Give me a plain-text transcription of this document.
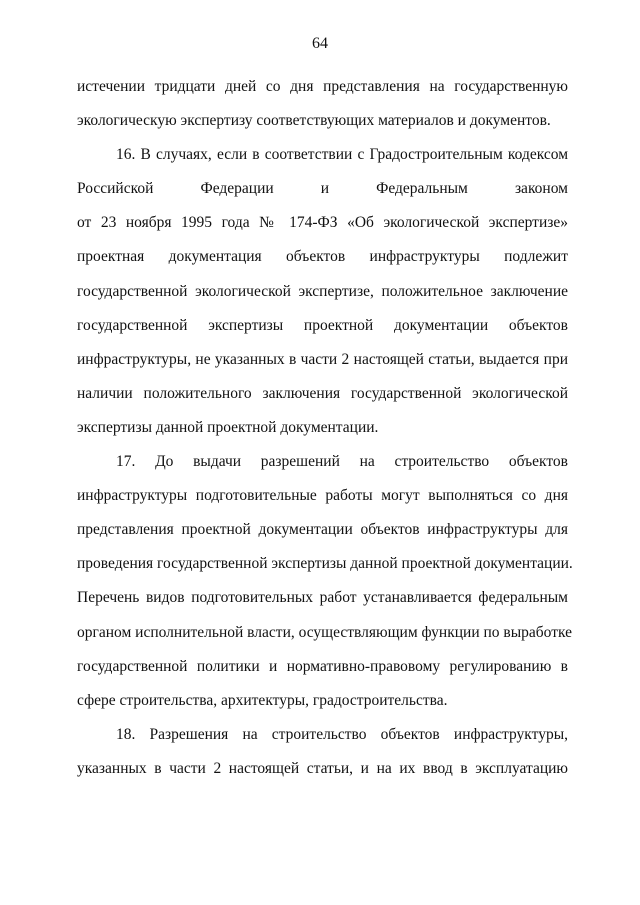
64
истечении тридцати дней со дня представления на государственную
экологическую экспертизу соответствующих материалов и документов.
16. В случаях, если в соответствии с Градостроительным кодексом
Российской Федерации и Федеральным законом
от 23 ноября 1995 года № 174-ФЗ «Об экологической экспертизе»
проектная документация объектов инфраструктуры подлежит
государственной экологической экспертизе, положительное заключение
государственной экспертизы проектной документации объектов
инфраструктуры, не указанных в части 2 настоящей статьи, выдается при
наличии положительного заключения государственной экологической
экспертизы данной проектной документации.
17. До выдачи разрешений на строительство объектов
инфраструктуры подготовительные работы могут выполняться со дня
представления проектной документации объектов инфраструктуры для
проведения государственной экспертизы данной проектной документации.
Перечень видов подготовительных работ устанавливается федеральным
органом исполнительной власти, осуществляющим функции по выработке
государственной политики и нормативно-правовому регулированию в
сфере строительства, архитектуры, градостроительства.
18. Разрешения на строительство объектов инфраструктуры,
указанных в части 2 настоящей статьи, и на их ввод в эксплуатацию
